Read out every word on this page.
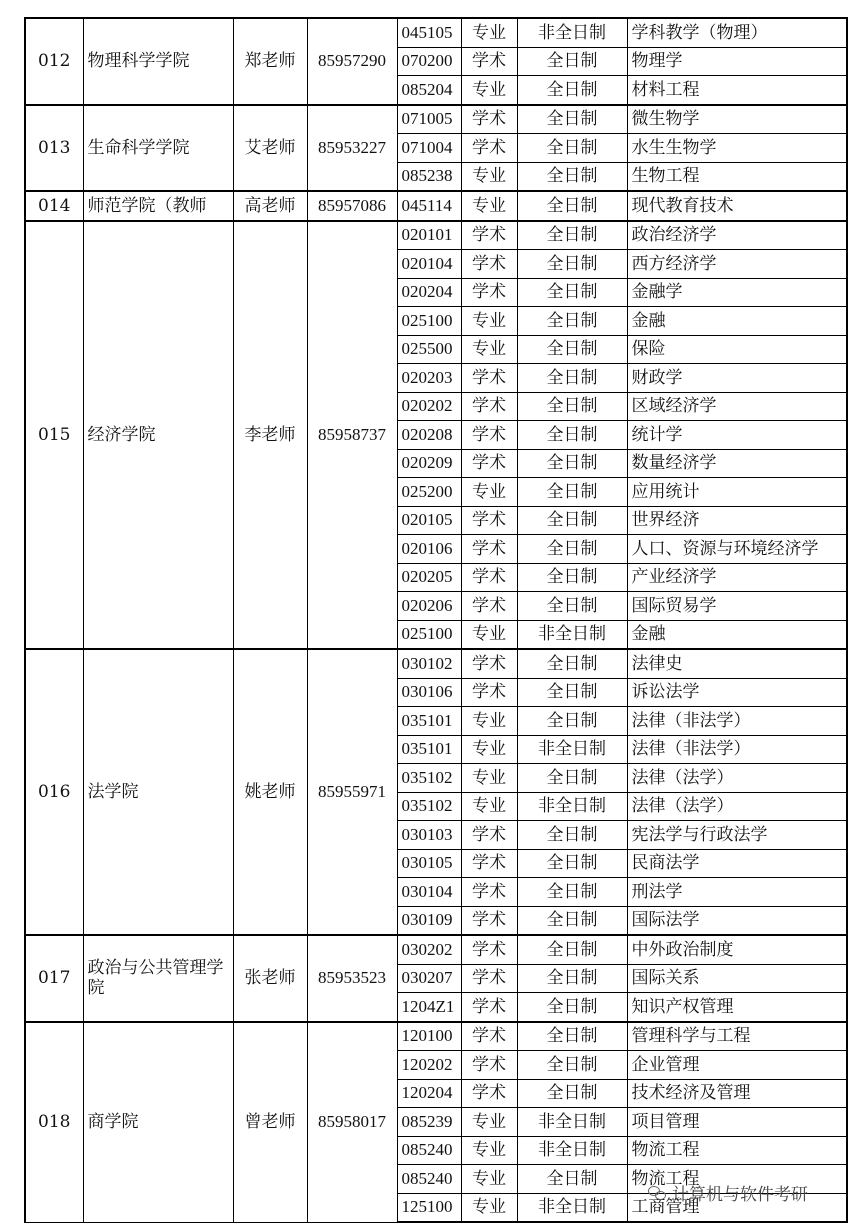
012	物理科学学院	郑老师	85957290	045105	专业	非全日制	学科教学（物理）
				070200	学术	全日制	物理学
				085204	专业	全日制	材料工程
013	生命科学学院	艾老师	85953227	071005	学术	全日制	微生物学
				071004	学术	全日制	水生生物学
				085238	专业	全日制	生物工程
014	师范学院（教师	高老师	85957086	045114	专业	全日制	现代教育技术
015	经济学院	李老师	85958737	020101	学术	全日制	政治经济学
				020104	学术	全日制	西方经济学
				020204	学术	全日制	金融学
				025100	专业	全日制	金融
				025500	专业	全日制	保险
				020203	学术	全日制	财政学
				020202	学术	全日制	区域经济学
				020208	学术	全日制	统计学
				020209	学术	全日制	数量经济学
				025200	专业	全日制	应用统计
				020105	学术	全日制	世界经济
				020106	学术	全日制	人口、资源与环境经济学
				020205	学术	全日制	产业经济学
				020206	学术	全日制	国际贸易学
				025100	专业	非全日制	金融
016	法学院	姚老师	85955971	030102	学术	全日制	法律史
				030106	学术	全日制	诉讼法学
				035101	专业	全日制	法律（非法学）
				035101	专业	非全日制	法律（非法学）
				035102	专业	全日制	法律（法学）
				035102	专业	非全日制	法律（法学）
				030103	学术	全日制	宪法学与行政法学
				030105	学术	全日制	民商法学
				030104	学术	全日制	刑法学
				030109	学术	全日制	国际法学
017	政治与公共管理学院	张老师	85953523	030202	学术	全日制	中外政治制度
				030207	学术	全日制	国际关系
				1204Z1	学术	全日制	知识产权管理
018	商学院	曾老师	85958017	120100	学术	全日制	管理科学与工程
				120202	学术	全日制	企业管理
				120204	学术	全日制	技术经济及管理
				085239	专业	非全日制	项目管理
				085240	专业	非全日制	物流工程
				085240	专业	全日制	物流工程
				125100	专业	非全日制	工商管理
计算机与软件考研
